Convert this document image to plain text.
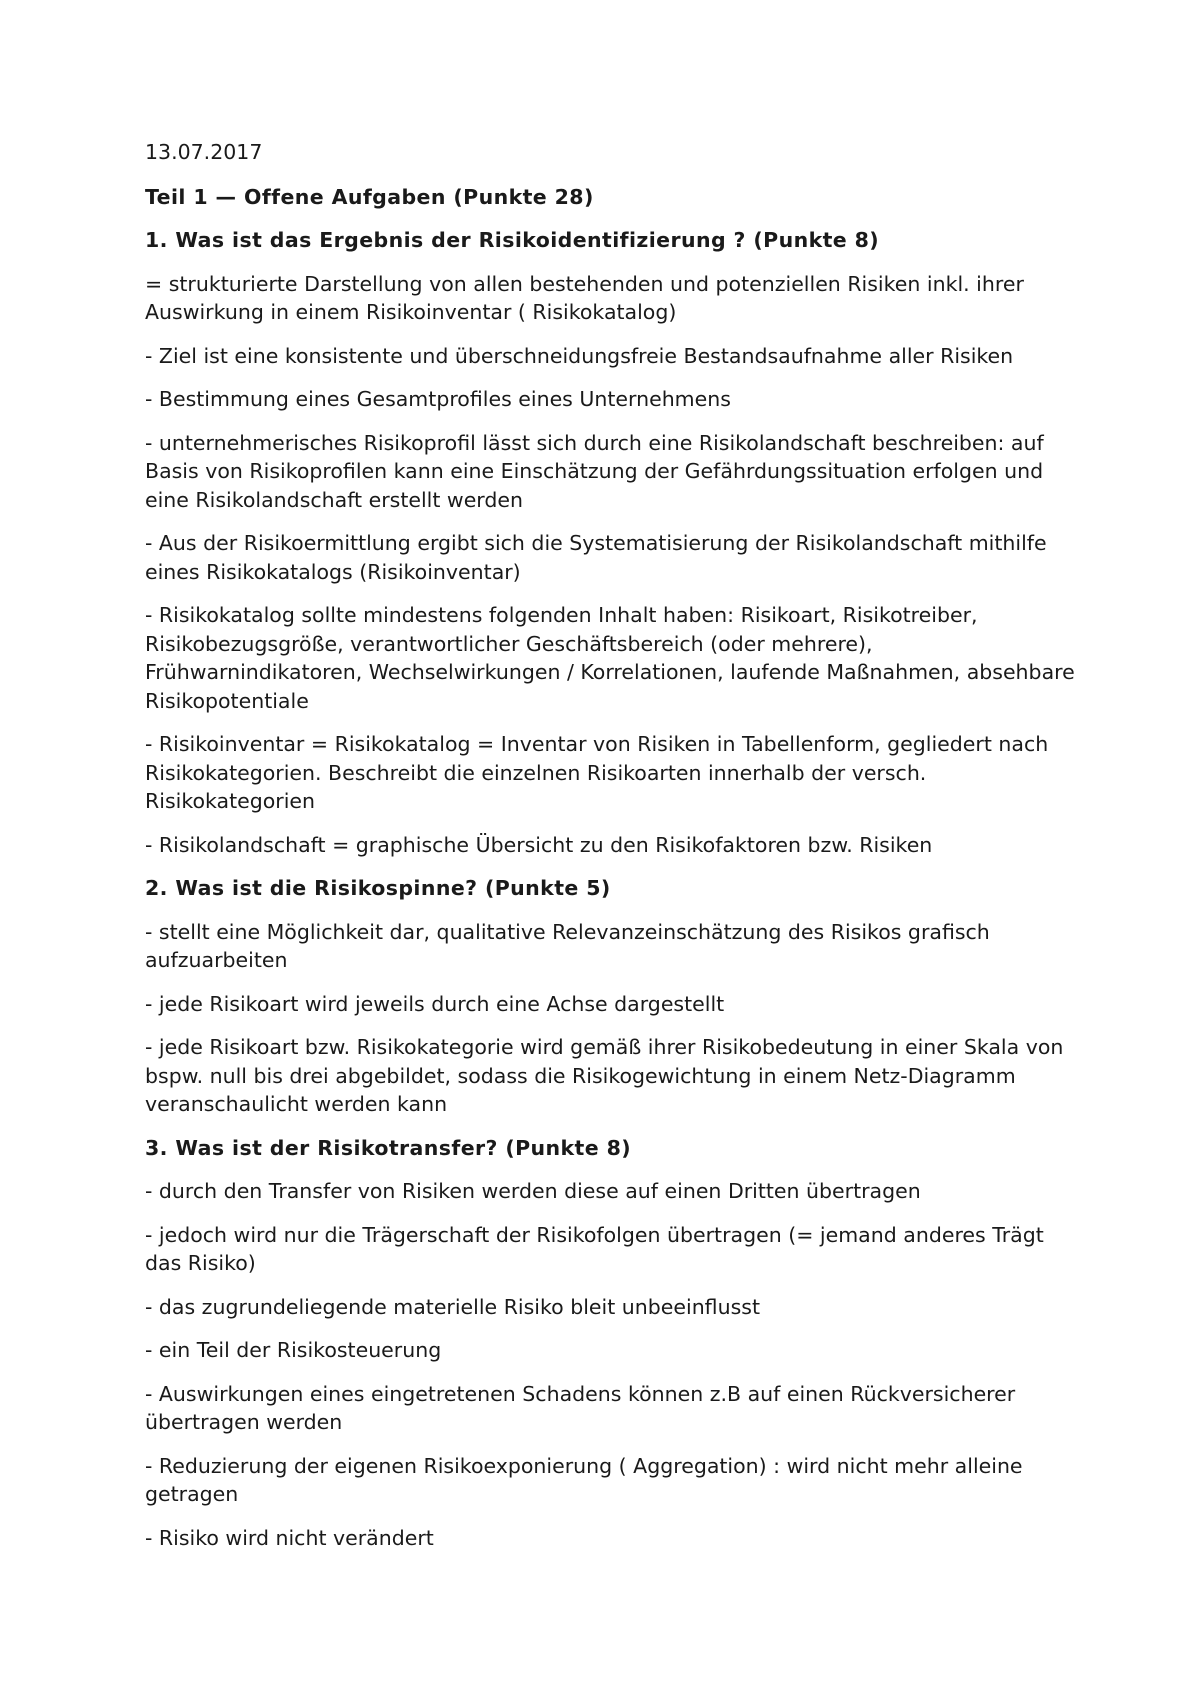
13.07.2017

Teil 1 — Offene Aufgaben (Punkte 28)

1. Was ist das Ergebnis der Risikoidentifizierung ? (Punkte 8)

= strukturierte Darstellung von allen bestehenden und potenziellen Risiken inkl. ihrer Auswirkung in einem Risikoinventar ( Risikokatalog)

- Ziel ist eine konsistente und überschneidungsfreie Bestandsaufnahme aller Risiken

- Bestimmung eines Gesamtprofiles eines Unternehmens

- unternehmerisches Risikoprofil lässt sich durch eine Risikolandschaft beschreiben: auf Basis von Risikoprofilen kann eine Einschätzung der Gefährdungssituation erfolgen und eine Risikolandschaft erstellt werden

- Aus der Risikoermittlung ergibt sich die Systematisierung der Risikolandschaft mithilfe eines Risikokatalogs (Risikoinventar)

- Risikokatalog sollte mindestens folgenden Inhalt haben: Risikoart, Risikotreiber, Risikobezugsgröße, verantwortlicher Geschäftsbereich (oder mehrere), Frühwarnindikatoren, Wechselwirkungen / Korrelationen, laufende Maßnahmen, absehbare Risikopotentiale

- Risikoinventar = Risikokatalog = Inventar von Risiken in Tabellenform, gegliedert nach Risikokategorien. Beschreibt die einzelnen Risikoarten innerhalb der versch. Risikokategorien

- Risikolandschaft = graphische Übersicht zu den Risikofaktoren bzw. Risiken

2. Was ist die Risikospinne? (Punkte 5)

- stellt eine Möglichkeit dar, qualitative Relevanzeinschätzung des Risikos grafisch aufzuarbeiten

- jede Risikoart wird jeweils durch eine Achse dargestellt

- jede Risikoart bzw. Risikokategorie wird gemäß ihrer Risikobedeutung in einer Skala von bspw. null bis drei abgebildet, sodass die Risikogewichtung in einem Netz-Diagramm veranschaulicht werden kann

3. Was ist der Risikotransfer? (Punkte 8)

- durch den Transfer von Risiken werden diese auf einen Dritten übertragen

- jedoch wird nur die Trägerschaft der Risikofolgen übertragen (= jemand anderes Trägt das Risiko)

- das zugrundeliegende materielle Risiko bleit unbeeinflusst

- ein Teil der Risikosteuerung

- Auswirkungen eines eingetretenen Schadens können z.B auf einen Rückversicherer übertragen werden

- Reduzierung der eigenen Risikoexponierung ( Aggregation) : wird nicht mehr alleine getragen

- Risiko wird nicht verändert
